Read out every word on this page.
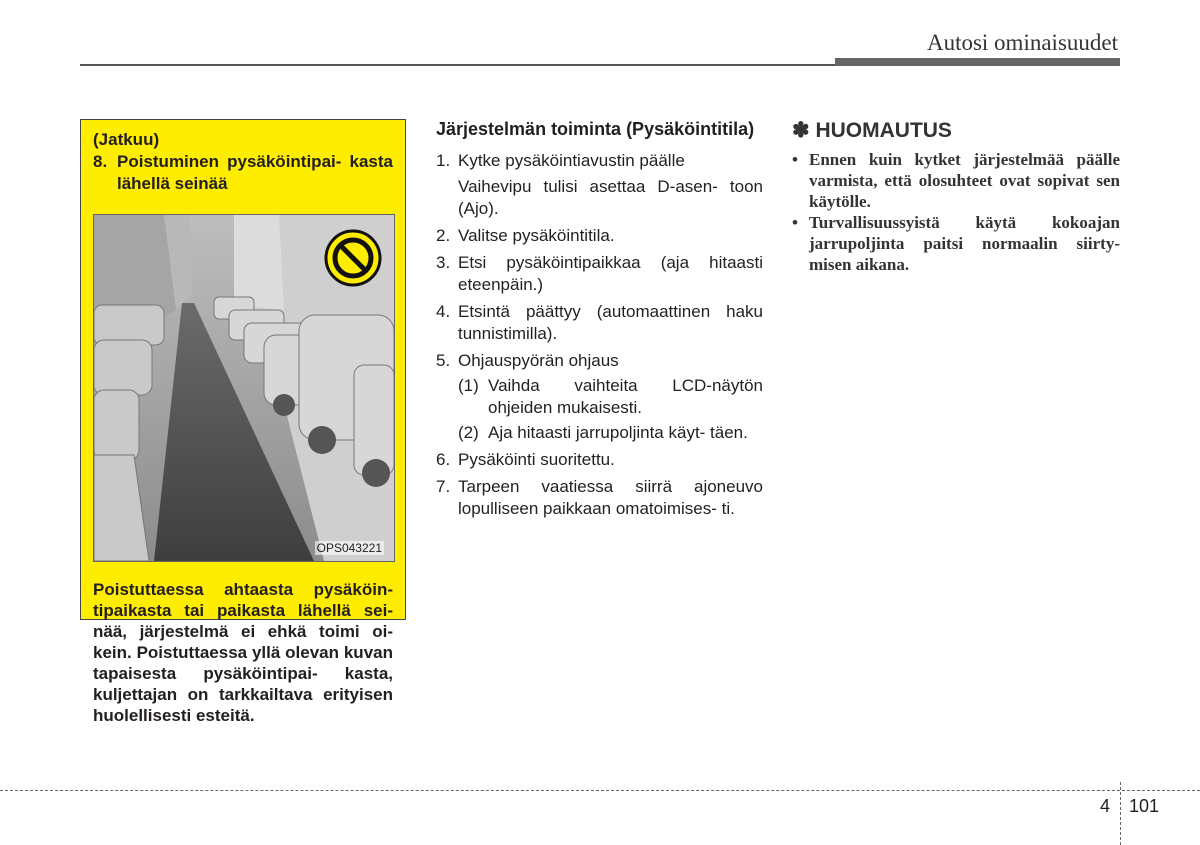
Autosi ominaisuudet
(Jatkuu)
8. Poistuminen pysäköintipai- kasta lähellä seinää
OPS043221
Poistuttaessa ahtaasta pysäköin- tipaikasta tai paikasta lähellä sei- nää, järjestelmä ei ehkä toimi oi- kein. Poistuttaessa yllä olevan kuvan tapaisesta pysäköintipai- kasta, kuljettajan on tarkkailtava erityisen huolellisesti esteitä.
Järjestelmän toiminta (Pysäköintitila)
1. Kytke pysäköintiavustin päälle
Vaihevipu tulisi asettaa D-asen- toon (Ajo).
2. Valitse pysäköintitila.
3. Etsi pysäköintipaikkaa (aja hitaasti eteenpäin.)
4. Etsintä päättyy (automaattinen haku tunnistimilla).
5. Ohjauspyörän ohjaus
(1) Vaihda vaihteita LCD-näytön ohjeiden mukaisesti.
(2) Aja hitaasti jarrupoljinta käyt- täen.
6. Pysäköinti suoritettu.
7. Tarpeen vaatiessa siirrä ajoneuvo lopulliseen paikkaan omatoimises- ti.
✽ HUOMAUTUS
• Ennen kuin kytket järjestelmää päälle varmista, että olosuhteet ovat sopivat sen käytölle.
• Turvallisuussyistä käytä kokoajan jarrupoljinta paitsi normaalin siirty- misen aikana.
4 101
